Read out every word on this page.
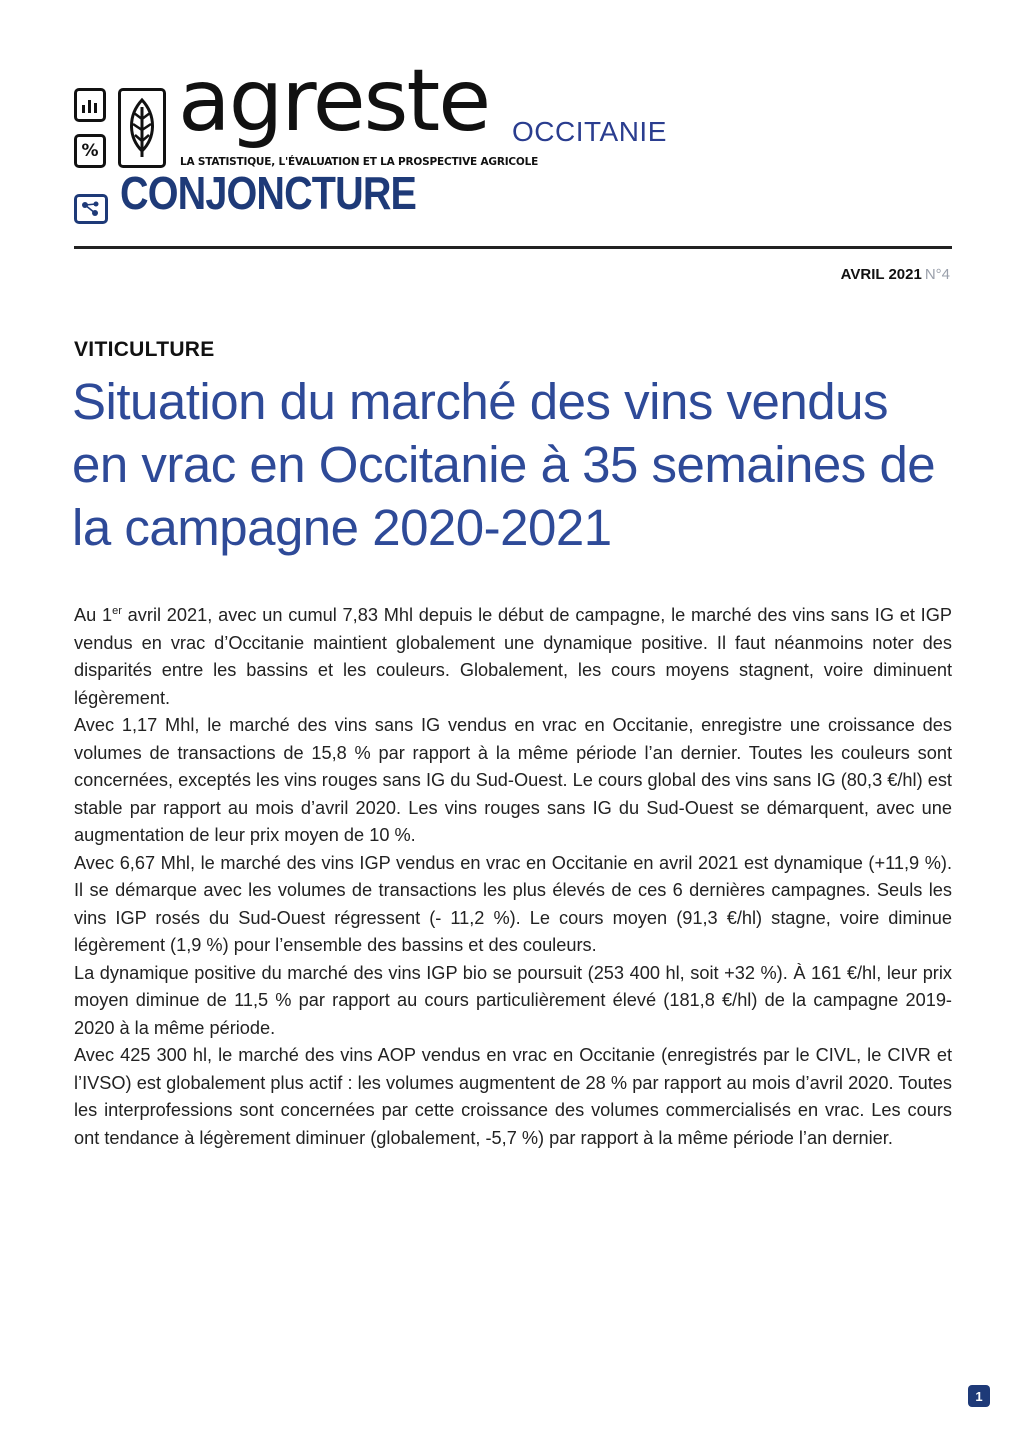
% agreste
LA STATISTIQUE, L'ÉVALUATION ET LA PROSPECTIVE AGRICOLE
OCCITANIE
CONJONCTURE
AVRIL 2021 N°4
VITICULTURE
Situation du marché des vins vendus en vrac en Occitanie à 35 semaines de la campagne 2020-2021

Au 1er avril 2021, avec un cumul 7,83 Mhl depuis le début de campagne, le marché des vins sans IG et IGP vendus en vrac d’Occitanie maintient globalement une dynamique positive. Il faut néanmoins noter des disparités entre les bassins et les couleurs. Globalement, les cours moyens stagnent, voire diminuent légèrement.

Avec 1,17 Mhl, le marché des vins sans IG vendus en vrac en Occitanie, enregistre une croissance des volumes de transactions de 15,8 % par rapport à la même période l’an dernier. Toutes les couleurs sont concernées, exceptés les vins rouges sans IG du Sud-Ouest. Le cours global des vins sans IG (80,3 €/hl) est stable par rapport au mois d’avril 2020. Les vins rouges sans IG du Sud-Ouest se démarquent, avec une augmentation de leur prix moyen de 10 %.

Avec 6,67 Mhl, le marché des vins IGP vendus en vrac en Occitanie en avril 2021 est dynamique (+11,9 %). Il se démarque avec les volumes de transactions les plus élevés de ces 6 dernières campagnes. Seuls les vins IGP rosés du Sud-Ouest régressent (- 11,2 %). Le cours moyen (91,3 €/hl) stagne, voire diminue légèrement (1,9 %) pour l’ensemble des bassins et des couleurs.

La dynamique positive du marché des vins IGP bio se poursuit (253 400 hl, soit +32 %). À 161 €/hl, leur prix moyen diminue de 11,5 % par rapport au cours particulièrement élevé (181,8 €/hl) de la campagne 2019-2020 à la même période.

Avec 425 300 hl, le marché des vins AOP vendus en vrac en Occitanie (enregistrés par le CIVL, le CIVR et l’IVSO) est globalement plus actif : les volumes augmentent de 28 % par rapport au mois d’avril 2020. Toutes les interprofessions sont concernées par cette croissance des volumes commercialisés en vrac. Les cours ont tendance à légèrement diminuer (globalement, -5,7 %) par rapport à la même période l’an dernier.

1
